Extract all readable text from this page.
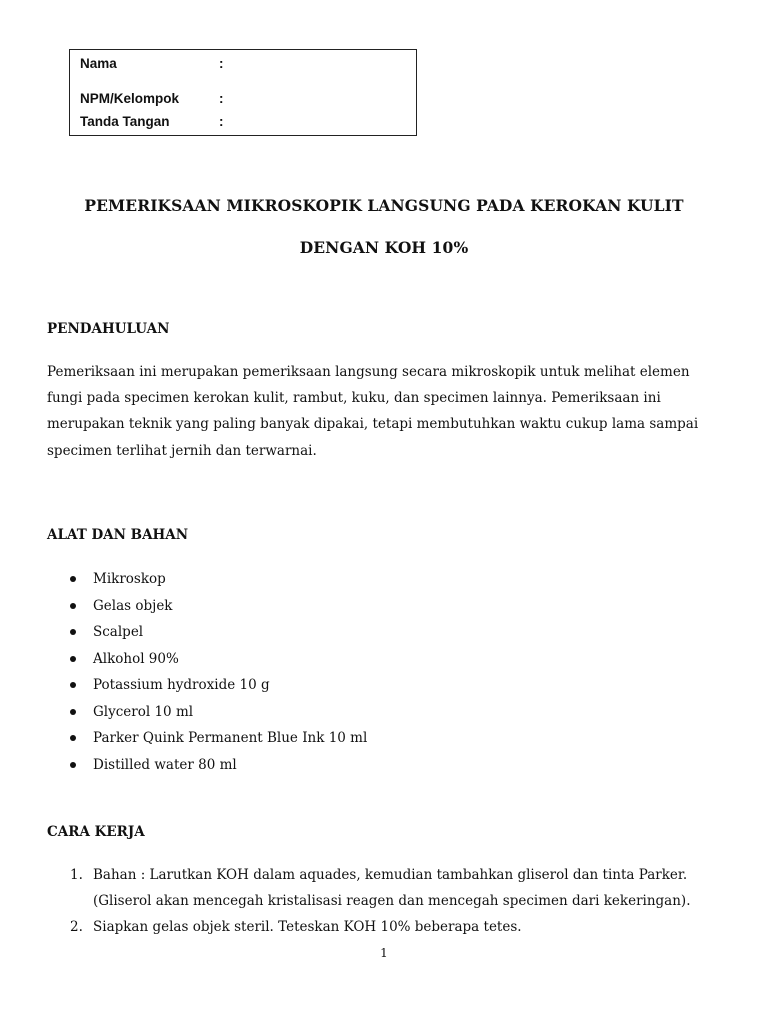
Nama	:
NPM/Kelompok	:
Tanda Tangan	:
PEMERIKSAAN MIKROSKOPIK LANGSUNG PADA KEROKAN KULIT
DENGAN KOH 10%
PENDAHULUAN

Pemeriksaan ini merupakan pemeriksaan langsung secara mikroskopik untuk melihat elemen fungi pada specimen kerokan kulit, rambut, kuku, dan specimen lainnya. Pemeriksaan ini merupakan teknik yang paling banyak dipakai, tetapi membutuhkan waktu cukup lama sampai specimen terlihat jernih dan terwarnai.

ALAT DAN BAHAN
Mikroskop
Gelas objek
Scalpel
Alkohol 90%
Potassium hydroxide 10 g
Glycerol 10 ml
Parker Quink Permanent Blue Ink 10 ml
Distilled water 80 ml
CARA KERJA
1. Bahan : Larutkan KOH dalam aquades, kemudian tambahkan gliserol dan tinta Parker. (Gliserol akan mencegah kristalisasi reagen dan mencegah specimen dari kekeringan).
2. Siapkan gelas objek steril. Teteskan KOH 10% beberapa tetes.
1
